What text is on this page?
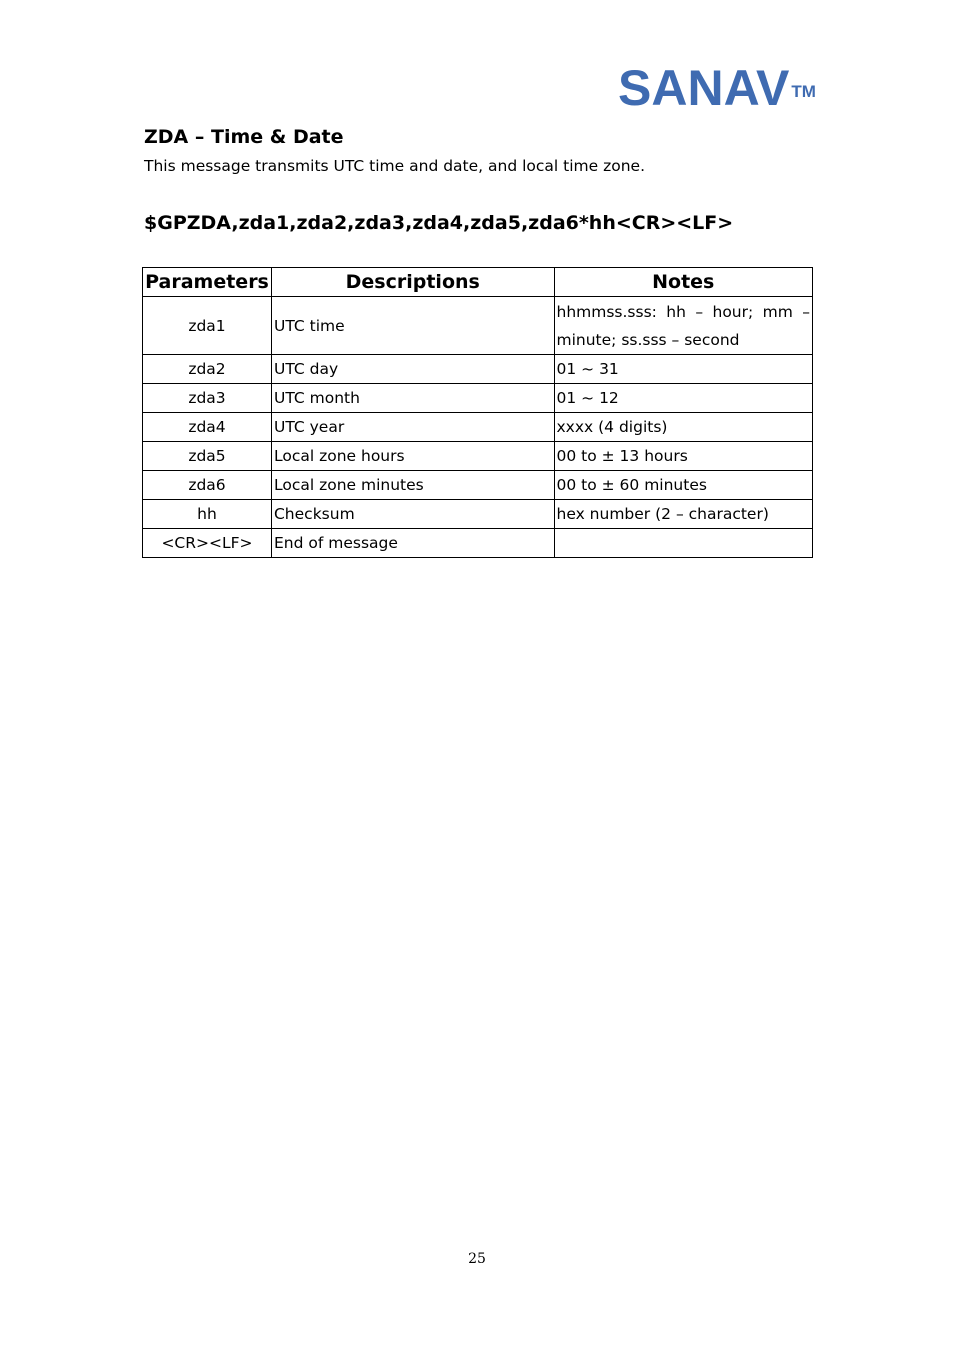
SANAV ™
ZDA – Time & Date
This message transmits UTC time and date, and local time zone.
$GPZDA,zda1,zda2,zda3,zda4,zda5,zda6*hh<CR><LF>
Parameters	Descriptions	Notes
zda1	UTC time	hhmmss.sss: hh – hour; mm – minute; ss.sss – second
zda2	UTC day	01 ~ 31
zda3	UTC month	01 ~ 12
zda4	UTC year	xxxx (4 digits)
zda5	Local zone hours	00 to ± 13 hours
zda6	Local zone minutes	00 to ± 60 minutes
hh	Checksum	hex number (2 – character)
<CR><LF>	End of message	
25
